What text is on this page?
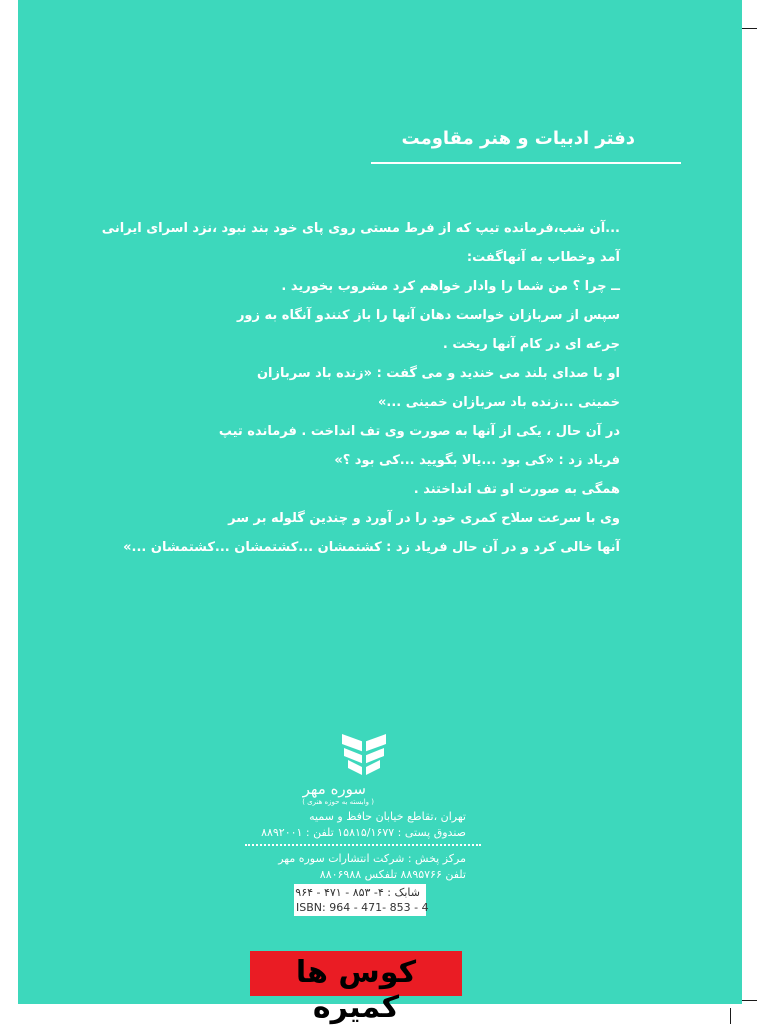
دفتر ادبیات و هنر مقاومت
...آن شب،فرمانده تیپ که از فرط مستی روی پای خود بند نبود ،نزد اسرای ایرانی
آمد وخطاب به آنهاگفت:
ــ چرا ؟ من شما را وادار خواهم کرد مشروب بخورید .
سپس از سربازان خواست دهان آنها را باز کنندو آنگاه به زور
جرعه ای در کام آنها ریخت .
او با صدای بلند می خندید و می گفت : «زنده باد سربازان
خمینی ...زنده باد سربازان خمینی ...»
در آن حال ، یکی از آنها به صورت وی تف انداخت . فرمانده تیپ
فریاد زد : «کی بود ...یالا بگویید ...کی بود ؟»
همگی به صورت او تف انداختند .
وی با سرعت سلاح کمری خود را در آورد و چندین گلوله بر سر
آنها خالی کرد و در آن حال فریاد زد : کشتمشان ...کشتمشان ...کشتمشان ...»
سوره مهر
( وابسته به حوزه هنری )
تهران ،تقاطع خیابان حافظ و سمیه
صندوق پستی : ۱۵۸۱۵/۱۶۷۷ تلفن : ۸۸۹۲۰۰۱
مرکز پخش : شرکت انتشارات سوره مهر
تلفن ۸۸۹۵۷۶۶ تلفکس ۸۸۰۶۹۸۸
شابک : ۴- ۸۵۳ - ۴۷۱ - ۹۶۴
ISBN: 964 - 471- 853 - 4
کوس ها کمیره
